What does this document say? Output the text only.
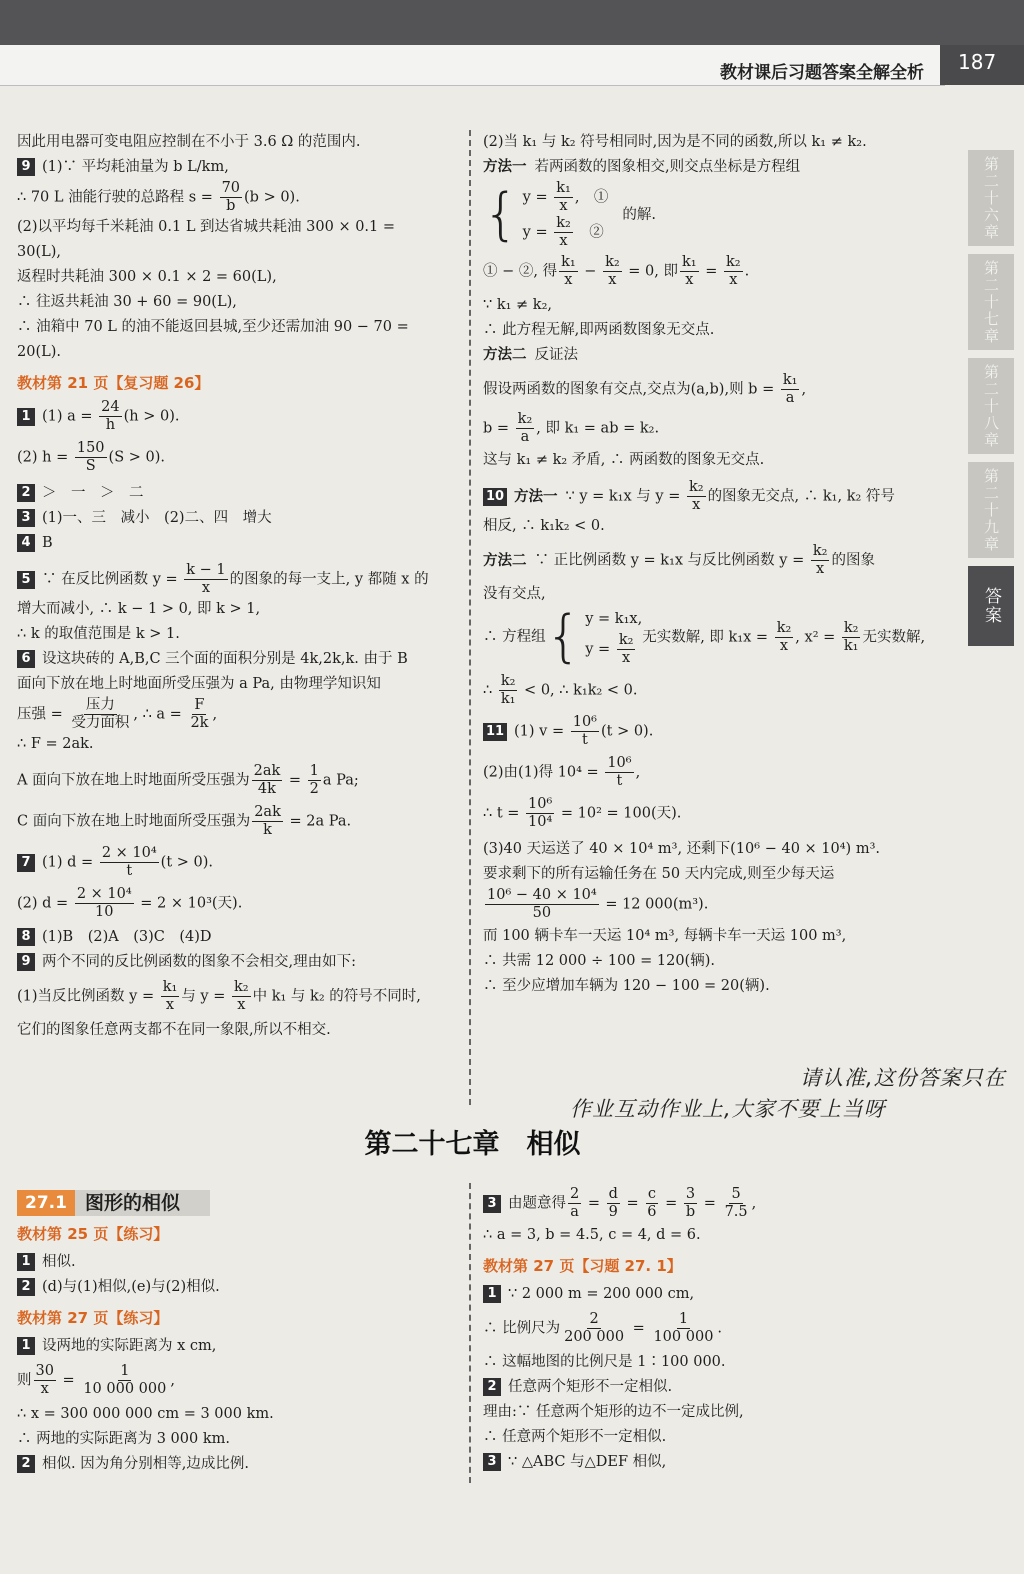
教材课后习题答案全解全析 187
第二十六章
第二十七章
第二十八章
第二十九章
答案
因此用电器可变电阻应控制在不小于 3.6 Ω 的范围内.
9 (1)∵ 平均耗油量为 b L/km,
∴ 70 L 油能行驶的总路程 $s = \frac{70}{b} (b > 0)$.
(2)以平均每千米耗油 0.1 L 到达省城共耗油 300 × 0.1 =
30(L),
返程时共耗油 300 × 0.1 × 2 = 60(L),
∴ 往返共耗油 30 + 60 = 90(L),
∴ 油箱中 70 L 的油不能返回县城,至少还需加油 90 − 70 =
20(L).
教材第 21 页【复习题 26】
1 (1) $a = \frac{24}{h} (h > 0)$.
(2) $h = \frac{150}{S} (S > 0)$.
2 ＞　一　＞　二
3 (1)一、三　减小　(2)二、四　增大
4 B
5 ∵ 在反比例函数 $y = \frac{k - 1}{x}$ 的图象的每一支上, y 都随 x 的
增大而减小, ∴ k − 1 > 0, 即 k > 1,
∴ k 的取值范围是 k > 1.
6 设这块砖的 A,B,C 三个面的面积分别是 4k,2k,k. 由于 B
面向下放在地上时地面所受压强为 a Pa, 由物理学知识知
压强 = $\frac{\text{压力}}{\text{受力面积}}$ , ∴ $a = \frac{F}{2k}$ ,
∴ F = 2ak.
A 面向下放在地上时地面所受压强为 $\frac{2ak}{4k} = \frac{1}{2}$ a Pa;
C 面向下放在地上时地面所受压强为 $\frac{2ak}{k} = 2a$ Pa.
7 (1) $d = \frac{\text{2 × 10⁴}}{t} (t > 0)$.
(2) $d = \frac{\text{2 × 10⁴}}{10} = 2 \times 10^3$(天).
8 (1)B　(2)A　(3)C　(4)D
9 两个不同的反比例函数的图象不会相交,理由如下:
(1)当反比例函数 $y = \frac{\text{k₁}}{x}$ 与 $y = \frac{\text{k₂}}{x}$ 中 k₁ 与 k₂ 的符号不同时,
它们的图象任意两支都不在同一象限,所以不相交.
(2)当 k₁ 与 k₂ 符号相同时,因为是不同的函数,所以 k₁ ≠ k₂.
方法一 若两函数的图象相交,则交点坐标是方程组
{ $y = \frac{\text{k₁}}{x}$ ,　①
$y = \frac{\text{k₂}}{x}$ 　②
的解.
① − ②, 得 $\frac{\text{k₁}}{x} - \frac{\text{k₂}}{x} = 0$, 即 $\frac{\text{k₁}}{x} = \frac{\text{k₂}}{x}$ .
∵ k₁ ≠ k₂,
∴ 此方程无解,即两函数图象无交点.
方法二 反证法
假设两函数的图象有交点,交点为(a,b),则 $b = \frac{\text{k₁}}{a}$ ,
$b = \frac{\text{k₂}}{a}$ , 即 k₁ = ab = k₂.
这与 k₁ ≠ k₂ 矛盾, ∴ 两函数的图象无交点.
10 方法一 ∵ y = k₁x 与 $y = \frac{\text{k₂}}{x}$ 的图象无交点, ∴ k₁, k₂ 符号
相反, ∴ k₁k₂ < 0.
方法二 ∵ 正比例函数 y = k₁x 与反比例函数 $y = \frac{\text{k₂}}{x}$ 的图象
没有交点,
∴ 方程组 { y = k₁x,
$y = \frac{\text{k₂}}{x}$ 无实数解, 即 $k_1x = \frac{\text{k₂}}{x}$ , $x^2 = \frac{\text{k₂}}{\text{k₁}}$ 无实数解,
∴ $\frac{\text{k₂}}{\text{k₁}} < 0$, ∴ k₁k₂ < 0.
11 (1) $v = \frac{\text{10⁶}}{t} (t > 0)$.
(2)由(1)得 $10^4 = \frac{\text{10⁶}}{t}$ ,
∴ $t = \frac{\text{10⁶}}{\text{10⁴}} = 10^2 = 100$(天).
(3)40 天运送了 40 × 10⁴ m³, 还剩下(10⁶ − 40 × 10⁴) m³.
要求剩下的所有运输任务在 50 天内完成,则至少每天运
$\frac{\text{10⁶ − 40 × 10⁴}}{50} = 12$ 000(m³).
而 100 辆卡车一天运 10⁴ m³, 每辆卡车一天运 100 m³,
∴ 共需 12 000 ÷ 100 = 120(辆).
∴ 至少应增加车辆为 120 − 100 = 20(辆).
请认准,这份答案只在
作业互动作业上,大家不要上当呀
第二十七章　相似
27.1 图形的相似
教材第 25 页【练习】
1 相似.
2 (d)与(1)相似,(e)与(2)相似.
教材第 27 页【练习】
1 设两地的实际距离为 x cm,
则 $\frac{30}{x} = \frac{1}{10 000 000}$ ,
∴ x = 300 000 000 cm = 3 000 km.
∴ 两地的实际距离为 3 000 km.
2 相似. 因为角分别相等,边成比例.
3 由题意得 $\frac{2}{a} = \frac{d}{9} = \frac{c}{6} = \frac{3}{b} = \frac{5}{7.5}$ ,
∴ a = 3, b = 4.5, c = 4, d = 6.
教材第 27 页【习题 27. 1】
1 ∵ 2 000 m = 200 000 cm,
∴ 比例尺为 $\frac{2}{200 000} = \frac{1}{100 000}$ .
∴ 这幅地图的比例尺是 1∶100 000.
2 任意两个矩形不一定相似.
理由:∵ 任意两个矩形的边不一定成比例,
∴ 任意两个矩形不一定相似.
3 ∵ △ABC 与△DEF 相似,
